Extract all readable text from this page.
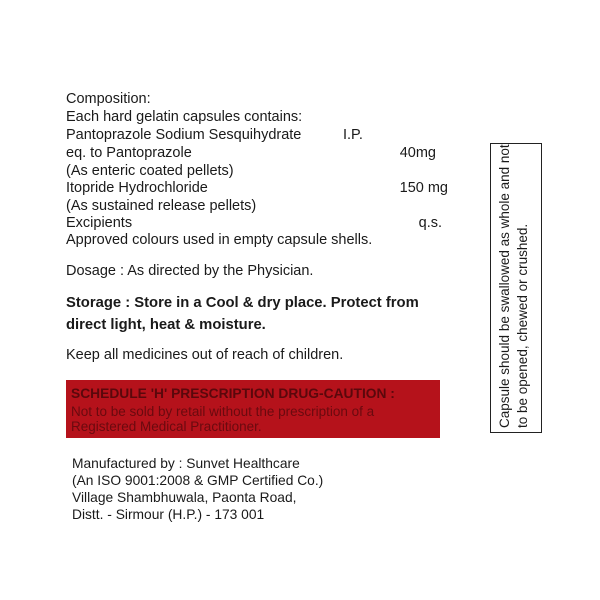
Composition:
Each hard gelatin capsules contains:
Pantoprazole Sodium Sesquihydrate	I.P.
eq. to Pantoprazole	40mg
(As enteric coated pellets)
Itopride Hydrochloride	150 mg
(As sustained release pellets)
Excipients	q.s.
Approved colours used in empty capsule shells.
Dosage : As directed by the Physician.
Storage : Store in a Cool & dry place. Protect from
direct light, heat & moisture.
Keep all medicines out of reach of children.
SCHEDULE 'H' PRESCRIPTION DRUG-CAUTION :
Not to be sold by retail without the prescription of a
Registered Medical Practitioner.
Manufactured by : Sunvet Healthcare
(An ISO 9001:2008 & GMP Certified Co.)
Village Shambhuwala, Paonta Road,
Distt. - Sirmour (H.P.) - 173 001
Capsule should be swallowed as whole and not to be opened, chewed or crushed.
